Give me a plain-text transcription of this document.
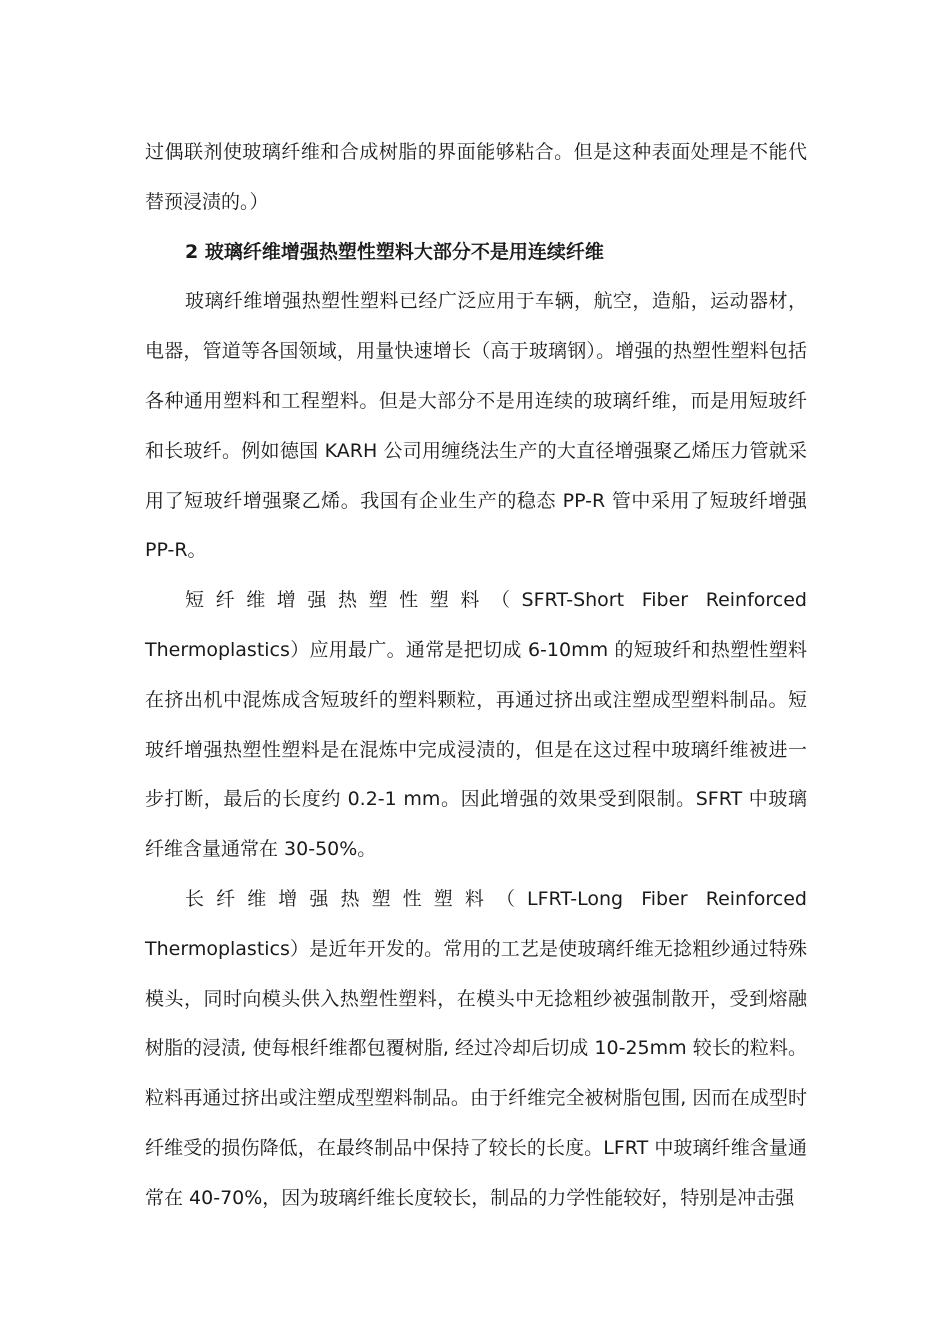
过偶联剂使玻璃纤维和合成树脂的界面能够粘合。但是这种表面处理是不能代替预浸渍的。）

2 玻璃纤维增强热塑性塑料大部分不是用连续纤维

玻璃纤维增强热塑性塑料已经广泛应用于车辆，航空，造船，运动器材，电器，管道等各国领域，用量快速增长（高于玻璃钢）。增强的热塑性塑料包括各种通用塑料和工程塑料。但是大部分不是用连续的玻璃纤维，而是用短玻纤和长玻纤。例如德国 KARH 公司用缠绕法生产的大直径增强聚乙烯压力管就采用了短玻纤增强聚乙烯。我国有企业生产的稳态 PP-R 管中采用了短玻纤增强 PP-R。

短纤维增强热塑性塑料（SFRT-Short Fiber Reinforced Thermoplastics）应用最广。通常是把切成 6-10mm 的短玻纤和热塑性塑料在挤出机中混炼成含短玻纤的塑料颗粒，再通过挤出或注塑成型塑料制品。短玻纤增强热塑性塑料是在混炼中完成浸渍的，但是在这过程中玻璃纤维被进一步打断，最后的长度约 0.2-1 mm。因此增强的效果受到限制。SFRT 中玻璃纤维含量通常在 30-50%。

长纤维增强热塑性塑料（LFRT-Long Fiber Reinforced Thermoplastics）是近年开发的。常用的工艺是使玻璃纤维无捻粗纱通过特殊模头，同时向模头供入热塑性塑料，在模头中无捻粗纱被强制散开，受到熔融树脂的浸渍, 使每根纤维都包覆树脂, 经过冷却后切成 10-25mm 较长的粒料。粒料再通过挤出或注塑成型塑料制品。由于纤维完全被树脂包围, 因而在成型时纤维受的损伤降低，在最终制品中保持了较长的长度。LFRT 中玻璃纤维含量通常在 40-70%，因为玻璃纤维长度较长，制品的力学性能较好，特别是冲击强
